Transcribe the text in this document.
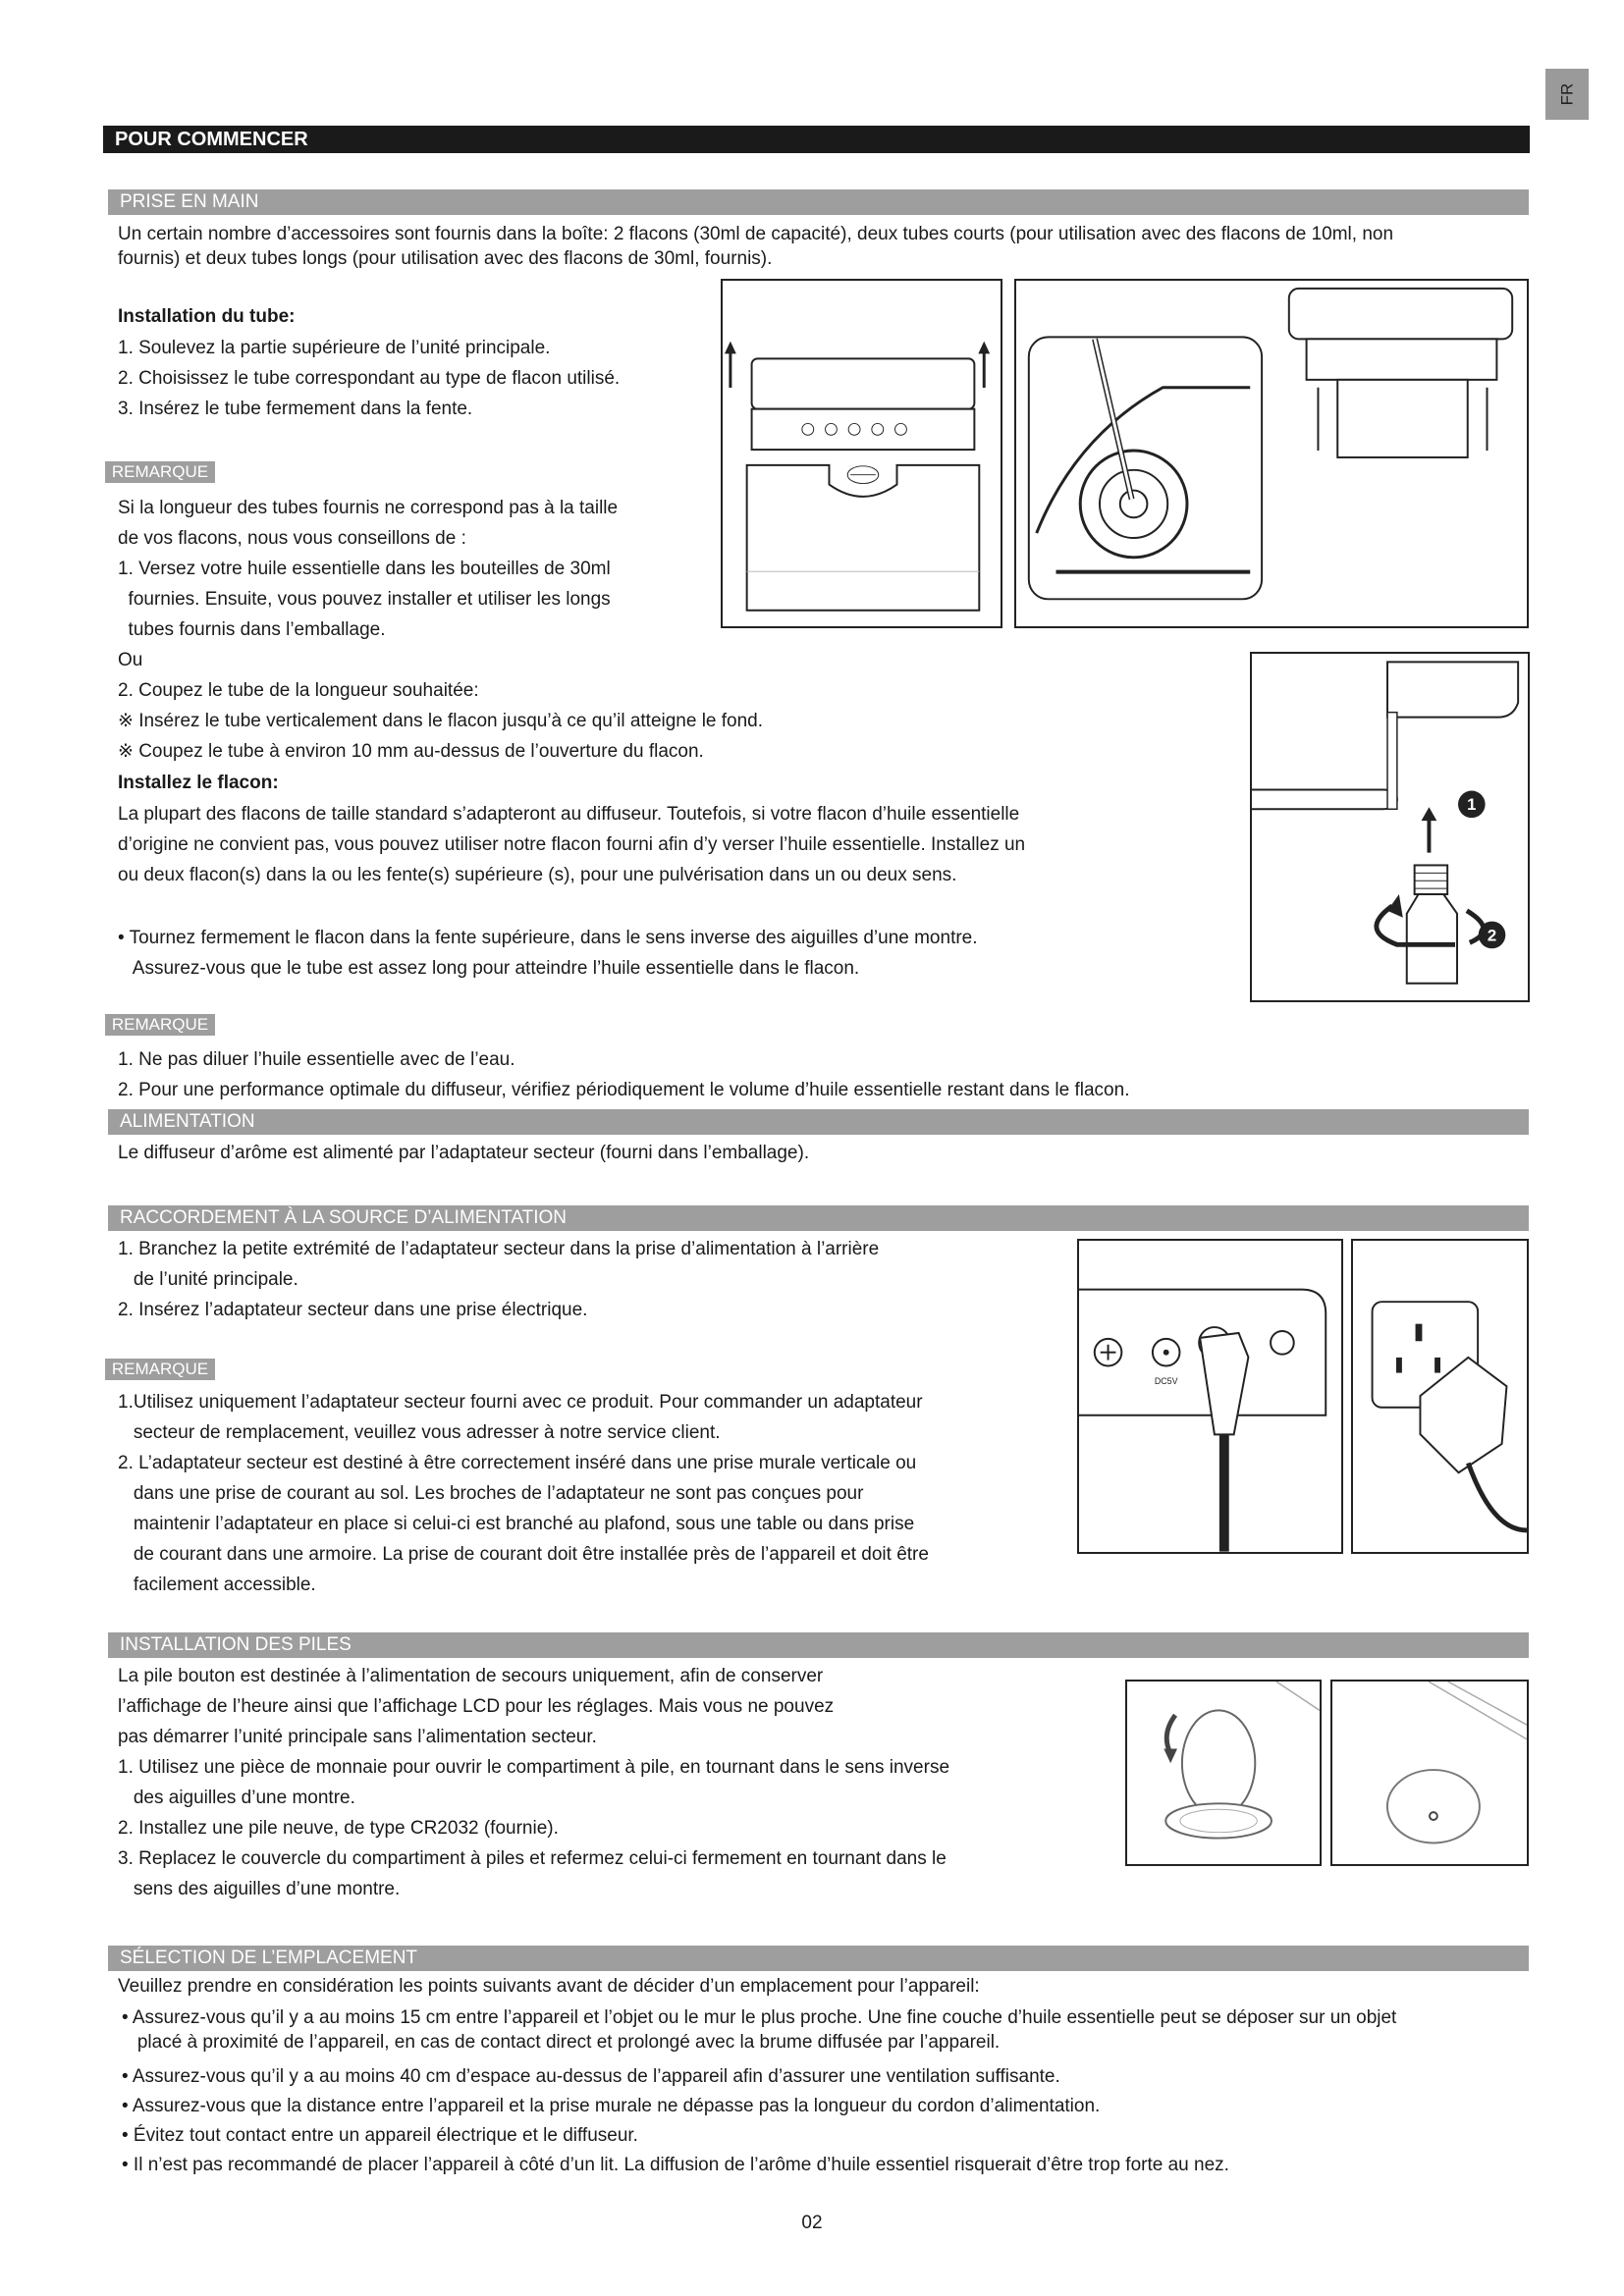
FR
POUR COMMENCER
PRISE EN MAIN
Un certain nombre d’accessoires sont fournis dans la boîte: 2 flacons (30ml de capacité), deux tubes courts (pour utilisation avec des flacons de 10ml, non
fournis) et deux tubes longs (pour utilisation avec des flacons de 30ml, fournis).
Installation du tube:
1. Soulevez la partie supérieure de l’unité principale.
2. Choisissez le tube correspondant au type de flacon utilisé.
3. Insérez le tube fermement dans la fente.
REMARQUE
Si la longueur des tubes fournis ne correspond pas à la taille
de vos flacons, nous vous conseillons de :
1. Versez votre huile essentielle dans les bouteilles de 30ml
fournies. Ensuite, vous pouvez installer et utiliser les longs
tubes fournis dans l’emballage.
Ou
2. Coupez le tube de la longueur souhaitée:
※ Insérez le tube verticalement dans le flacon jusqu’à ce qu’il atteigne le fond.
※ Coupez le tube à environ 10 mm au-dessus de l’ouverture du flacon.
Installez le flacon:
La plupart des flacons de taille standard s’adapteront au diffuseur. Toutefois, si votre flacon d’huile essentielle
d’origine ne convient pas, vous pouvez utiliser notre flacon fourni afin d’y verser l’huile essentielle. Installez un
ou deux flacon(s) dans la ou les fente(s) supérieure (s), pour une pulvérisation dans un ou deux sens.
• Tournez fermement le flacon dans la fente supérieure, dans le sens inverse des aiguilles d’une montre.
Assurez-vous que le tube est assez long pour atteindre l’huile essentielle dans le flacon.
REMARQUE
1. Ne pas diluer l’huile essentielle avec de l’eau.
2. Pour une performance optimale du diffuseur, vérifiez périodiquement le volume d’huile essentielle restant dans le flacon.
1
2
ALIMENTATION
Le diffuseur d’arôme est alimenté par l’adaptateur secteur (fourni dans l’emballage).
RACCORDEMENT À LA SOURCE D’ALIMENTATION
1. Branchez la petite extrémité de l’adaptateur secteur dans la prise d’alimentation à l’arrière
de l’unité principale.
2. Insérez l’adaptateur secteur dans une prise électrique.
REMARQUE
1.Utilisez uniquement l’adaptateur secteur fourni avec ce produit. Pour commander un adaptateur
secteur de remplacement, veuillez vous adresser à notre service client.
2. L’adaptateur secteur est destiné à être correctement inséré dans une prise murale verticale ou
dans une prise de courant au sol. Les broches de l’adaptateur ne sont pas conçues pour
maintenir l’adaptateur en place si celui-ci est branché au plafond, sous une table ou dans prise
de courant dans une armoire. La prise de courant doit être installée près de l’appareil et doit être
facilement accessible.
DC5V
INSTALLATION DES PILES
La pile bouton est destinée à l’alimentation de secours uniquement, afin de conserver
l’affichage de l’heure ainsi que l’affichage LCD pour les réglages. Mais vous ne pouvez
pas démarrer l’unité principale sans l’alimentation secteur.
1. Utilisez une pièce de monnaie pour ouvrir le compartiment à pile, en tournant dans le sens inverse
des aiguilles d’une montre.
2. Installez une pile neuve, de type CR2032 (fournie).
3. Replacez le couvercle du compartiment à piles et refermez celui-ci fermement en tournant dans le
sens des aiguilles d’une montre.
SÉLECTION DE L’EMPLACEMENT
Veuillez prendre en considération les points suivants avant de décider d’un emplacement pour l’appareil:
• Assurez-vous qu’il y a au moins 15 cm entre l’appareil et l’objet ou le mur le plus proche. Une fine couche d’huile essentielle peut se déposer sur un objet
placé à proximité de l’appareil, en cas de contact direct et prolongé avec la brume diffusée par l’appareil.
• Assurez-vous qu’il y a au moins 40 cm d’espace au-dessus de l’appareil afin d’assurer une ventilation suffisante.
• Assurez-vous que la distance entre l’appareil et la prise murale ne dépasse pas la longueur du cordon d’alimentation.
• Évitez tout contact entre un appareil électrique et le diffuseur.
• Il n’est pas recommandé de placer l’appareil à côté d’un lit. La diffusion de l’arôme d’huile essentiel risquerait d’être trop forte au nez.
02
